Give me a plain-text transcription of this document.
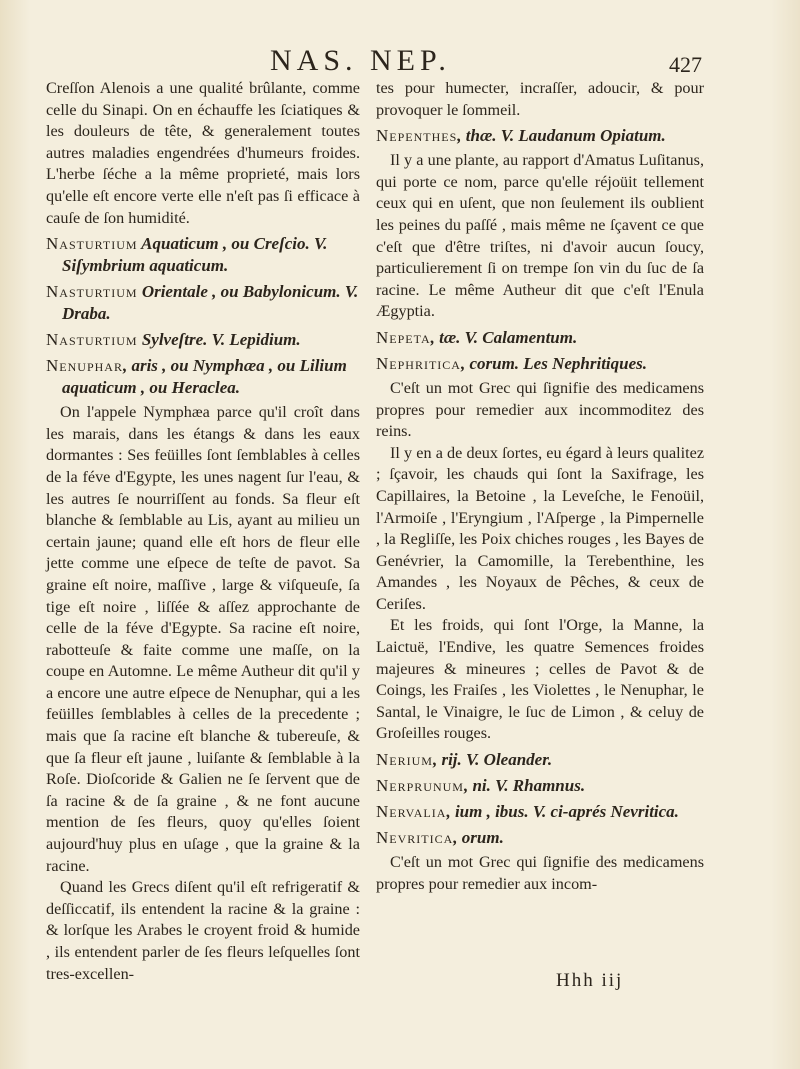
NAS. NEP.	427

Creſſon Alenois a une qualité brûlante, comme celle du Sinapi. On en échauffe les ſciatiques & les douleurs de tête, & generalement toutes autres maladies engendrées d'humeurs froides. L'herbe ſéche a la même proprieté, mais lors qu'elle eſt encore verte elle n'eſt pas ſi efficace à cauſe de ſon humidité.

Nasturtium Aquaticum , ou Creſcio. V. Siſymbrium aquaticum.
Nasturtium Orientale , ou Babylonicum. V. Draba.
Nasturtium Sylveſtre. V. Lepidium.
Nenuphar, aris , ou Nymphæa , ou Lilium aquaticum , ou Heraclea.

On l'appele Nymphæa parce qu'il croît dans les marais, dans les étangs & dans les eaux dormantes : Ses feüilles ſont ſemblables à celles de la féve d'Egypte, les unes nagent ſur l'eau, & les autres ſe nourriſſent au fonds. Sa fleur eſt blanche & ſemblable au Lis, ayant au milieu un certain jaune; quand elle eſt hors de fleur elle jette comme une eſpece de teſte de pavot. Sa graine eſt noire, maſſive , large & viſqueuſe, ſa tige eſt noire , liſſée & aſſez approchante de celle de la féve d'Egypte. Sa racine eſt noire, rabotteuſe & faite comme une maſſe, on la coupe en Automne. Le même Autheur dit qu'il y a encore une autre eſpece de Nenuphar, qui a les feüilles ſemblables à celles de la precedente ; mais que ſa racine eſt blanche & tubereuſe, & que ſa fleur eſt jaune , luiſante & ſemblable à la Roſe. Dioſcoride & Galien ne ſe ſervent que de ſa racine & de ſa graine , & ne font aucune mention de ſes fleurs, quoy qu'elles ſoient aujourd'huy plus en uſage , que la graine & la racine.

Quand les Grecs diſent qu'il eſt refrigeratif & deſſiccatif, ils entendent la racine & la graine : & lorſque les Arabes le croyent froid & humide , ils entendent parler de ſes fleurs leſquelles ſont tres-excellen-

tes pour humecter, incraſſer, adoucir, & pour provoquer le ſommeil.

Nepenthes, thæ. V. Laudanum Opiatum.

Il y a une plante, au rapport d'Amatus Luſitanus, qui porte ce nom, parce qu'elle réjoüit tellement ceux qui en uſent, que non ſeulement ils oublient les peines du paſſé , mais même ne ſçavent ce que c'eſt que d'être triſtes, ni d'avoir aucun ſoucy, particulierement ſi on trempe ſon vin du ſuc de ſa racine. Le même Autheur dit que c'eſt l'Enula Ægyptia.

Nepeta, tæ. V. Calamentum.
Nephritica, corum. Les Nephritiques.

C'eſt un mot Grec qui ſignifie des medicamens propres pour remedier aux incommoditez des reins.

Il y en a de deux ſortes, eu égard à leurs qualitez ; ſçavoir, les chauds qui ſont la Saxifrage, les Capillaires, la Betoine , la Leveſche, le Fenoüil, l'Armoiſe , l'Eryngium , l'Aſperge , la Pimpernelle , la Regliſſe, les Poix chiches rouges , les Bayes de Genévrier, la Camomille, la Terebenthine, les Amandes , les Noyaux de Pêches, & ceux de Ceriſes.

Et les froids, qui ſont l'Orge, la Manne, la Laictuë, l'Endive, les quatre Semences froides majeures & mineures ; celles de Pavot & de Coings, les Fraiſes , les Violettes , le Nenuphar, le Santal, le Vinaigre, le ſuc de Limon , & celuy de Groſeilles rouges.

Nerium, rij. V. Oleander.
Nerprunum, ni. V. Rhamnus.
Nervalia, ium , ibus. V. ci-aprés Nevritica.
Nevritica, orum.

C'eſt un mot Grec qui ſignifie des medicamens propres pour remedier aux incom-

Hhh iij
